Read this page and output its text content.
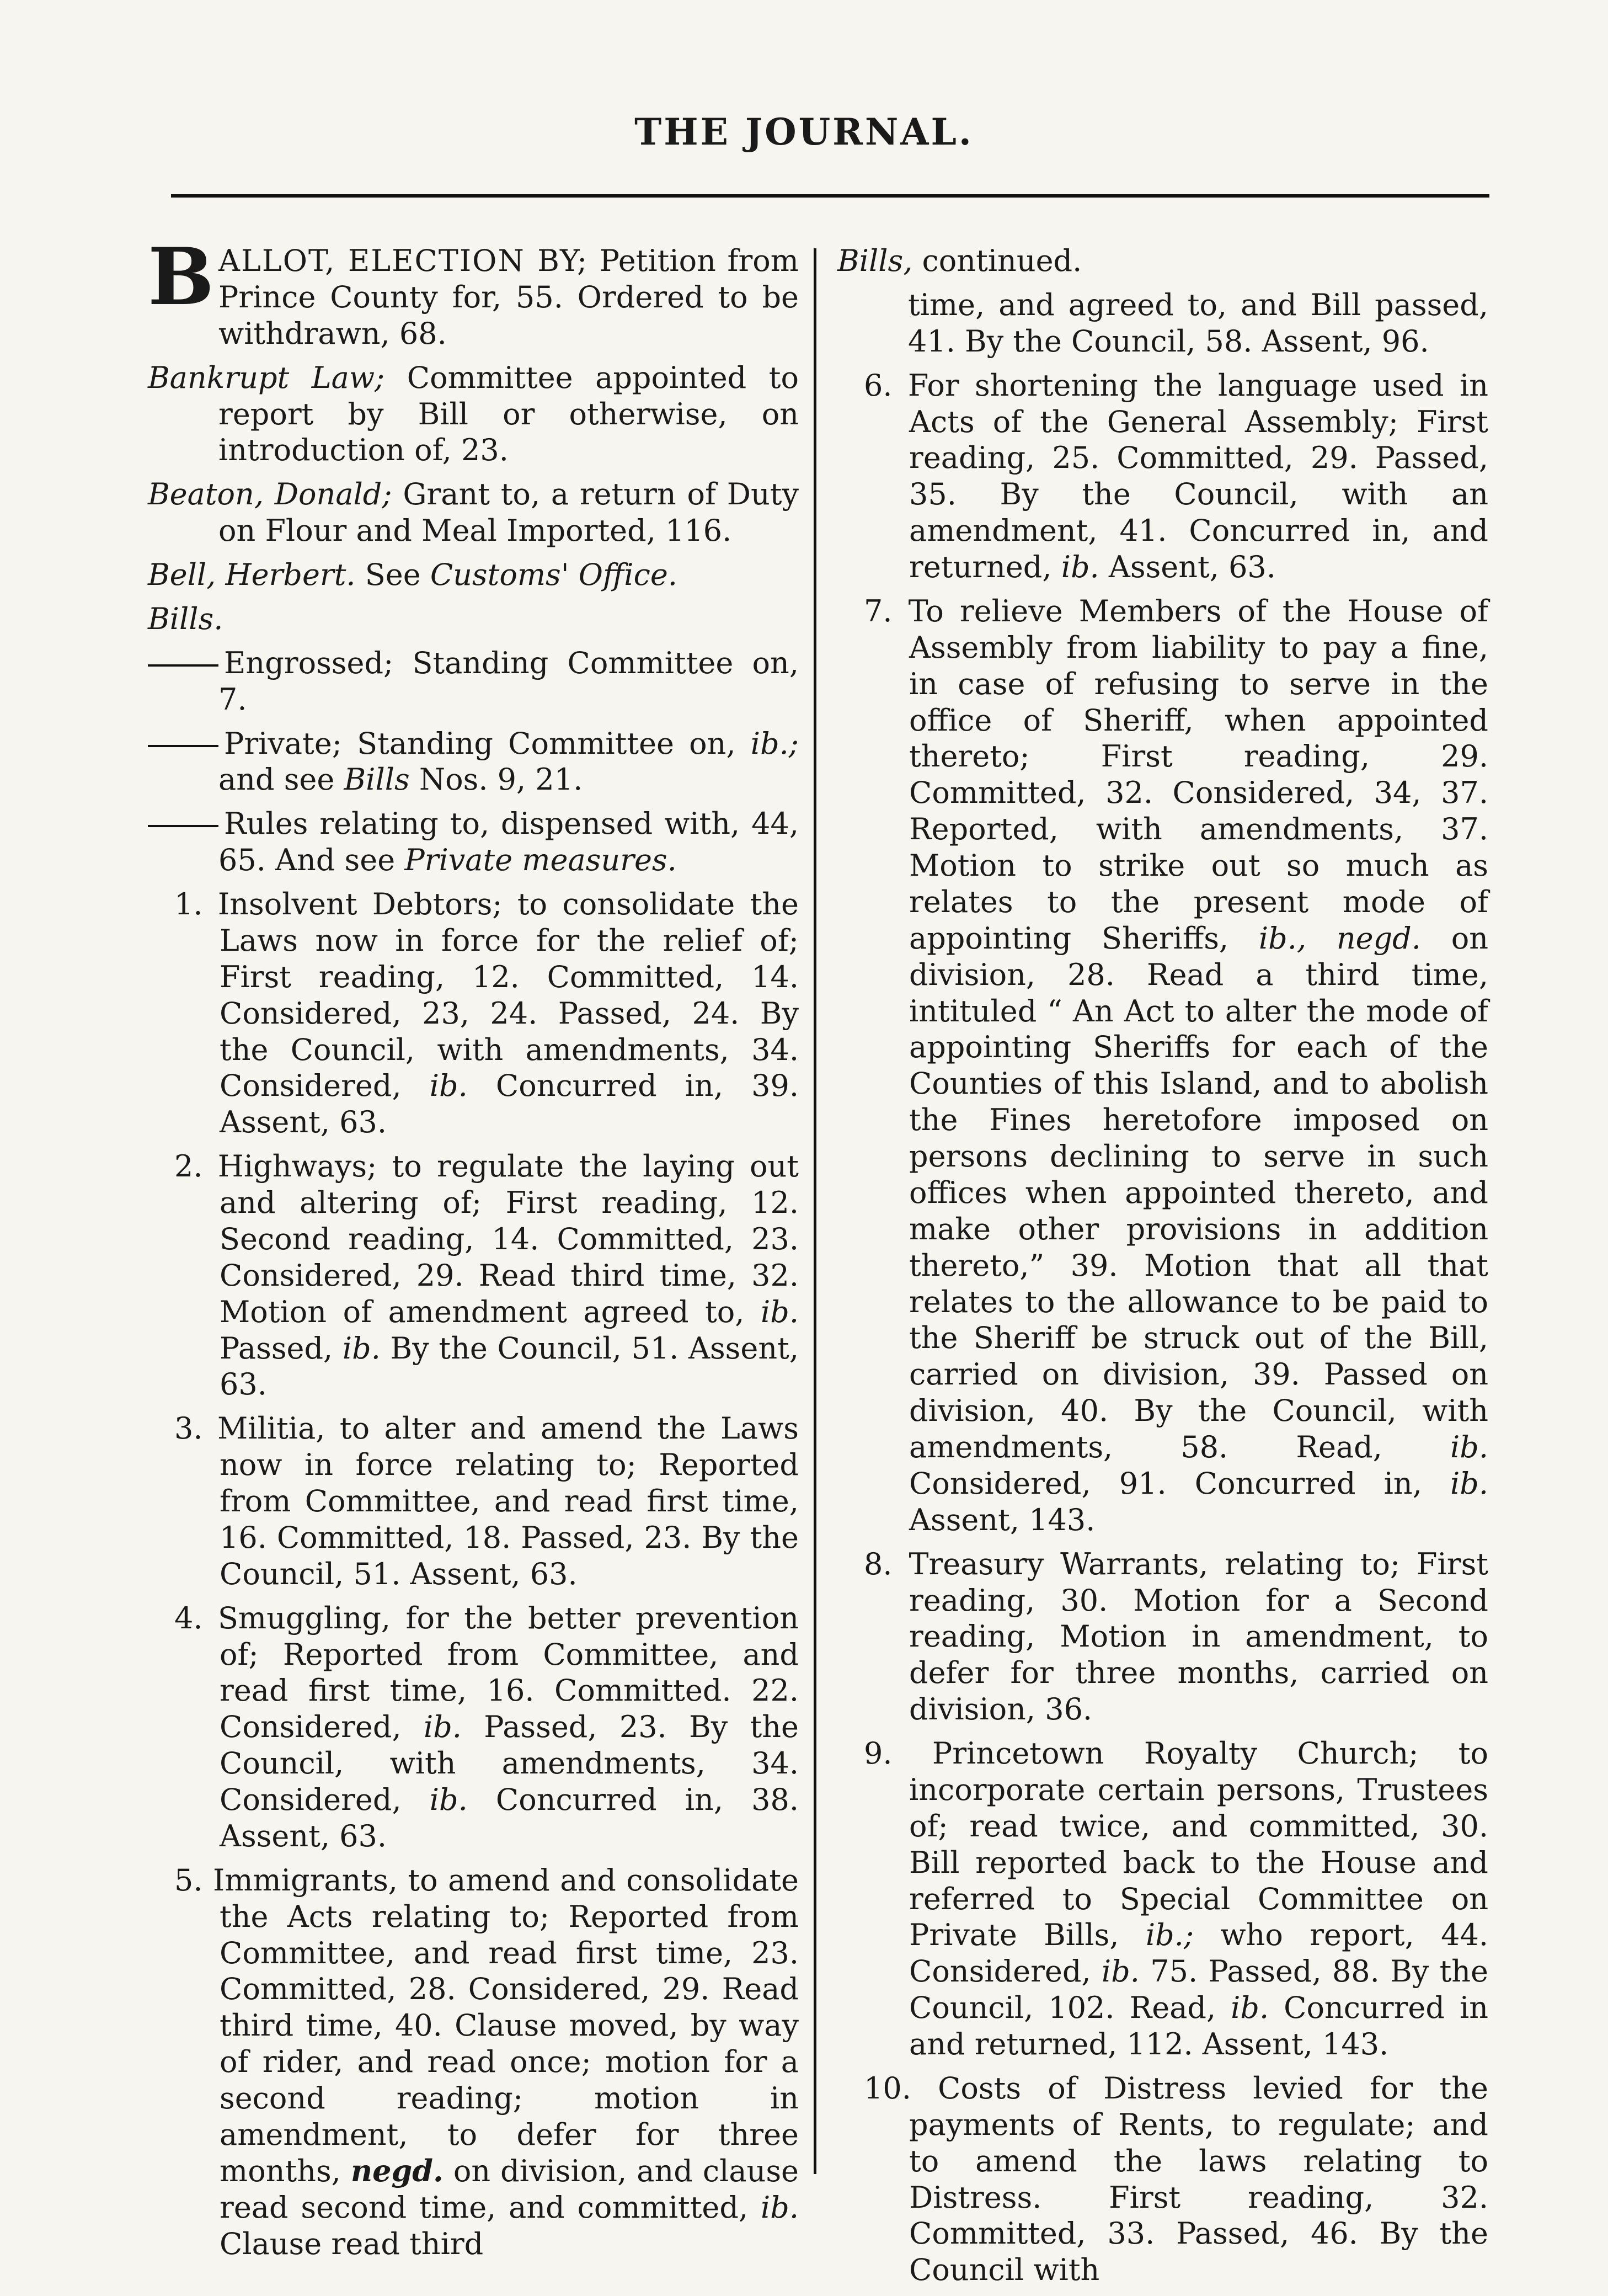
THE JOURNAL.

B ALLOT, ELECTION BY; Petition from Prince County for, 55. Ordered to be withdrawn, 68.

Bankrupt Law; Committee appointed to report by Bill or otherwise, on introduction of, 23.

Beaton, Donald; Grant to, a return of Duty on Flour and Meal Imported, 116.

Bell, Herbert. See Customs' Office.

Bills.

Engrossed; Standing Committee on, 7.

Private; Standing Committee on, ib.; and see Bills Nos. 9, 21.

Rules relating to, dispensed with, 44, 65. And see Private measures.

1. Insolvent Debtors; to consolidate the Laws now in force for the relief of; First reading, 12. Committed, 14. Considered, 23, 24. Passed, 24. By the Council, with amendments, 34. Considered, ib. Concurred in, 39. Assent, 63.

2. Highways; to regulate the laying out and altering of; First reading, 12. Second reading, 14. Committed, 23. Considered, 29. Read third time, 32. Motion of amendment agreed to, ib. Passed, ib. By the Council, 51. Assent, 63.

3. Militia, to alter and amend the Laws now in force relating to; Reported from Committee, and read first time, 16. Committed, 18. Passed, 23. By the Council, 51. Assent, 63.

4. Smuggling, for the better prevention of; Reported from Committee, and read first time, 16. Committed. 22. Considered, ib. Passed, 23. By the Council, with amendments, 34. Considered, ib. Concurred in, 38. Assent, 63.

5. Immigrants, to amend and consolidate the Acts relating to; Reported from Committee, and read first time, 23. Committed, 28. Considered, 29. Read third time, 40. Clause moved, by way of rider, and read once; motion for a second reading; motion in amendment, to defer for three months, negd. on division, and clause read second time, and committed, ib. Clause read third

Bills, continued.

time, and agreed to, and Bill passed, 41. By the Council, 58. Assent, 96.

6. For shortening the language used in Acts of the General Assembly; First reading, 25. Committed, 29. Passed, 35. By the Council, with an amendment, 41. Concurred in, and returned, ib. Assent, 63.

7. To relieve Members of the House of Assembly from liability to pay a fine, in case of refusing to serve in the office of Sheriff, when appointed thereto; First reading, 29. Committed, 32. Considered, 34, 37. Reported, with amendments, 37. Motion to strike out so much as relates to the present mode of appointing Sheriffs, ib., negd. on division, 28. Read a third time, intituled “ An Act to alter the mode of appointing Sheriffs for each of the Counties of this Island, and to abolish the Fines heretofore imposed on persons declining to serve in such offices when appointed thereto, and make other provisions in addition thereto,” 39. Motion that all that relates to the allowance to be paid to the Sheriff be struck out of the Bill, carried on division, 39. Passed on division, 40. By the Council, with amendments, 58. Read, ib. Considered, 91. Concurred in, ib. Assent, 143.

8. Treasury Warrants, relating to; First reading, 30. Motion for a Second reading, Motion in amendment, to defer for three months, carried on division, 36.

9. Princetown Royalty Church; to incorporate certain persons, Trustees of; read twice, and committed, 30. Bill reported back to the House and referred to Special Committee on Private Bills, ib.; who report, 44. Considered, ib. 75. Passed, 88. By the Council, 102. Read, ib. Concurred in and returned, 112. Assent, 143.

10. Costs of Distress levied for the payments of Rents, to regulate; and to amend the laws relating to Distress. First reading, 32. Committed, 33. Passed, 46. By the Council with
